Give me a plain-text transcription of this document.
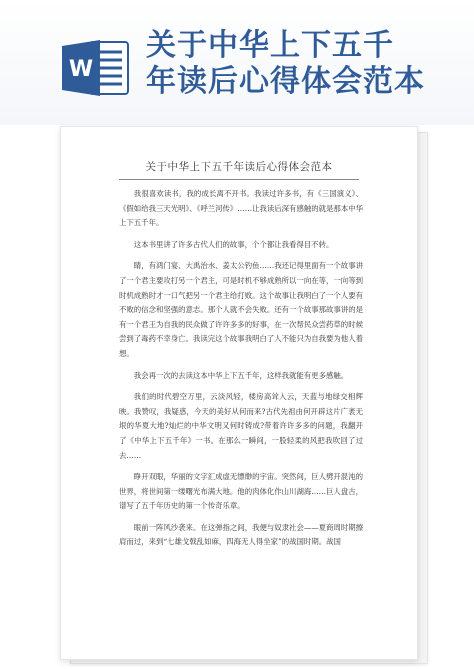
W
关于中华上下五千
年读后心得体会范本
关于中华上下五千年读后心得体会范本

我很喜欢读书，我的成长离不开书。我读过许多书，有《三国演义》、《假如给我三天光明》、《呼兰河传》……让我读后深有感触的就是那本中华上下五千年。

这本书里讲了许多古代人们的故事，个个都让我看得目不转。

睛，有鸿门宴、大禹治水、姜太公钓鱼……我还记得里面有一个故事讲了一个君主要攻打另一个君主，可是时机不够成熟所以一向在等，一向等到时机成熟时才一口气把另一个君主给打败。这个故事让我明白了一个人要有不败的信念和坚强的意志。那个人就不会失败。还有一个故事那故事讲的是有一个君王为自我的民众做了许许多多的好事，在一次帮民众尝药草的时候尝到了毒药不幸身亡。我读完这个故事我明白了人不能只为自我要为他人着想。

我会再一次的去读这本中华上下五千年，这样我就能有更多感触。

我们的时代碧空万里，云淡风轻，楼房高耸入云，天蓝与地绿交相辉映。我赞叹，我疑惑，今天的美好从何而来?古代先祖由何开辟这片广袤无垠的华夏大地?灿烂的中华文明又何时铸成?带着许许多多的问题，我翻开了《中华上下五千年》一书。在那么一瞬间，一股轻柔的风把我吹回了过去……

睁开双眼，华丽的文字汇成虚无缥缈的宇宙。突然间，巨人劈开混沌的世界，将世间第一缕曙光布满大地。他的肉体化作山川湖海……巨人盘古，谱写了五千年历史的第一个传奇乐章。

眼前一阵风沙袭来。在这弹指之间，我便与奴隶社会——夏商周时期擦肩而过，来到“七雄戈戟乱如麻，四海无人得坐家”的战国时期。战国
